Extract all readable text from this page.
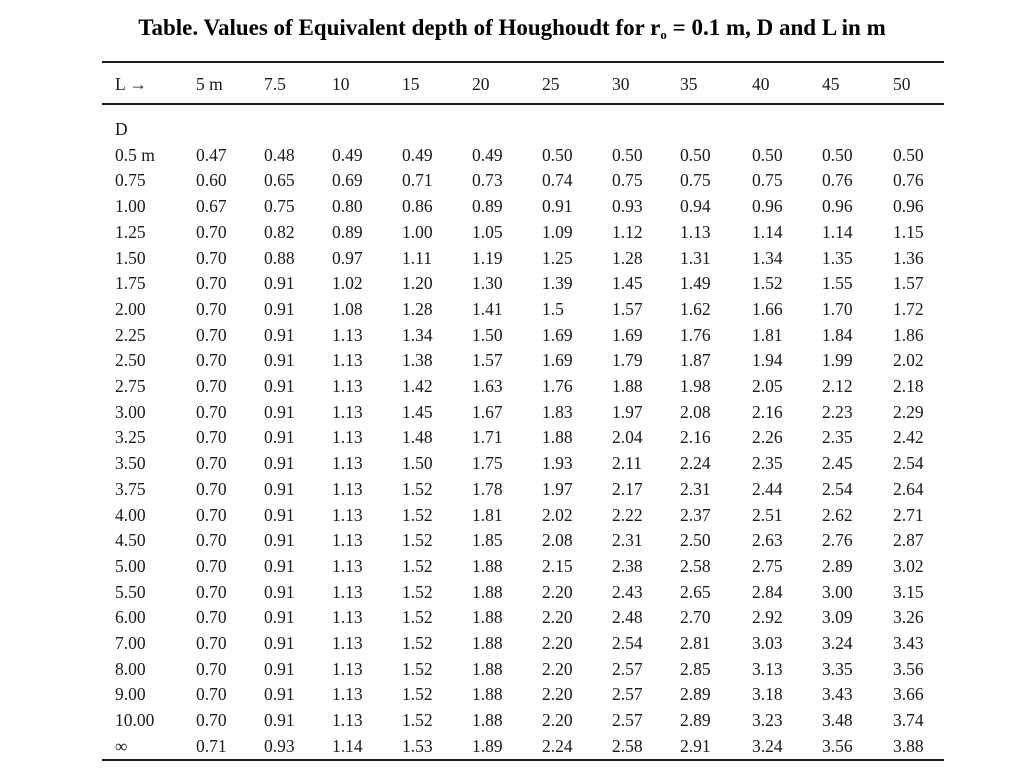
Table. Values of Equivalent depth of Houghoudt for $r_o = 0.1$ m, D and L in m
L →	5 m	7.5	10	15	20	25	30	35	40	45	50
D											
0.5 m	0.47	0.48	0.49	0.49	0.49	0.50	0.50	0.50	0.50	0.50	0.50
0.75	0.60	0.65	0.69	0.71	0.73	0.74	0.75	0.75	0.75	0.76	0.76
1.00	0.67	0.75	0.80	0.86	0.89	0.91	0.93	0.94	0.96	0.96	0.96
1.25	0.70	0.82	0.89	1.00	1.05	1.09	1.12	1.13	1.14	1.14	1.15
1.50	0.70	0.88	0.97	1.11	1.19	1.25	1.28	1.31	1.34	1.35	1.36
1.75	0.70	0.91	1.02	1.20	1.30	1.39	1.45	1.49	1.52	1.55	1.57
2.00	0.70	0.91	1.08	1.28	1.41	1.5	1.57	1.62	1.66	1.70	1.72
2.25	0.70	0.91	1.13	1.34	1.50	1.69	1.69	1.76	1.81	1.84	1.86
2.50	0.70	0.91	1.13	1.38	1.57	1.69	1.79	1.87	1.94	1.99	2.02
2.75	0.70	0.91	1.13	1.42	1.63	1.76	1.88	1.98	2.05	2.12	2.18
3.00	0.70	0.91	1.13	1.45	1.67	1.83	1.97	2.08	2.16	2.23	2.29
3.25	0.70	0.91	1.13	1.48	1.71	1.88	2.04	2.16	2.26	2.35	2.42
3.50	0.70	0.91	1.13	1.50	1.75	1.93	2.11	2.24	2.35	2.45	2.54
3.75	0.70	0.91	1.13	1.52	1.78	1.97	2.17	2.31	2.44	2.54	2.64
4.00	0.70	0.91	1.13	1.52	1.81	2.02	2.22	2.37	2.51	2.62	2.71
4.50	0.70	0.91	1.13	1.52	1.85	2.08	2.31	2.50	2.63	2.76	2.87
5.00	0.70	0.91	1.13	1.52	1.88	2.15	2.38	2.58	2.75	2.89	3.02
5.50	0.70	0.91	1.13	1.52	1.88	2.20	2.43	2.65	2.84	3.00	3.15
6.00	0.70	0.91	1.13	1.52	1.88	2.20	2.48	2.70	2.92	3.09	3.26
7.00	0.70	0.91	1.13	1.52	1.88	2.20	2.54	2.81	3.03	3.24	3.43
8.00	0.70	0.91	1.13	1.52	1.88	2.20	2.57	2.85	3.13	3.35	3.56
9.00	0.70	0.91	1.13	1.52	1.88	2.20	2.57	2.89	3.18	3.43	3.66
10.00	0.70	0.91	1.13	1.52	1.88	2.20	2.57	2.89	3.23	3.48	3.74
∞	0.71	0.93	1.14	1.53	1.89	2.24	2.58	2.91	3.24	3.56	3.88
